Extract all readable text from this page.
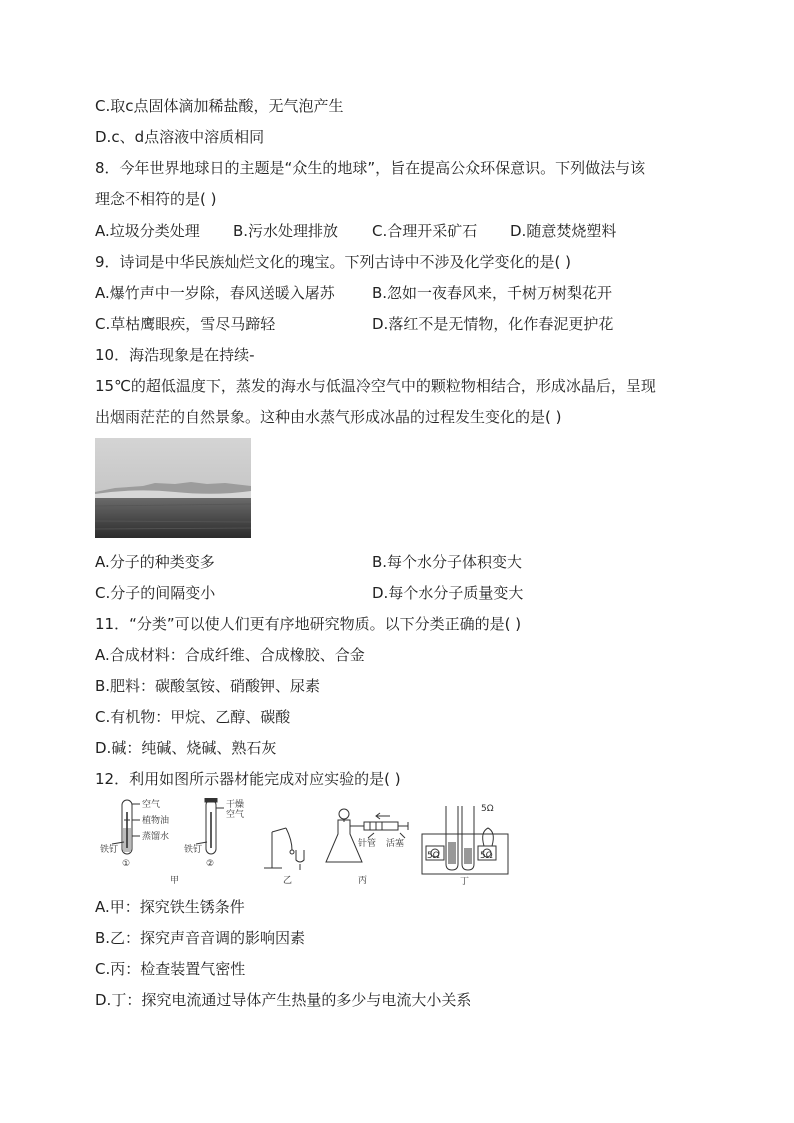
C.取c点固体滴加稀盐酸，无气泡产生
D.c、d点溶液中溶质相同
8．今年世界地球日的主题是“众生的地球”，旨在提高公众环保意识。下列做法与该
理念不相符的是( )
A.垃圾分类处理 B.污水处理排放 C.合理开采矿石 D.随意焚烧塑料
9．诗词是中华民族灿烂文化的瑰宝。下列古诗中不涉及化学变化的是( )
A.爆竹声中一岁除，春风送暖入屠苏 B.忽如一夜春风来，千树万树梨花开
C.草枯鹰眼疾，雪尽马蹄轻	D.落红不是无情物，化作春泥更护花
10．海浩现象是在持续-
15℃的超低温度下，蒸发的海水与低温冷空气中的颗粒物相结合，形成冰晶后，呈现
出烟雨茫茫的自然景象。这种由水蒸气形成冰晶的过程发生变化的是( )
A.分子的种类变多	B.每个水分子体积变大
C.分子的间隔变小	D.每个水分子质量变大
11．“分类”可以使人们更有序地研究物质。以下分类正确的是( )
A.合成材料：合成纤维、合成橡胶、合金
B.肥料：碳酸氢铵、硝酸钾、尿素
C.有机物：甲烷、乙醇、碳酸
D.碱：纯碱、烧碱、熟石灰
12．利用如图所示器材能完成对应实验的是( )
空气
植物油
蒸馏水
铁钉
①
干燥
空气
铁钉
②
甲	乙
针管 活塞
丙
5Ω
5Ω	5Ω
丁
A.甲：探究铁生锈条件
B.乙：探究声音音调的影响因素
C.丙：检查装置气密性
D.丁：探究电流通过导体产生热量的多少与电流大小关系
